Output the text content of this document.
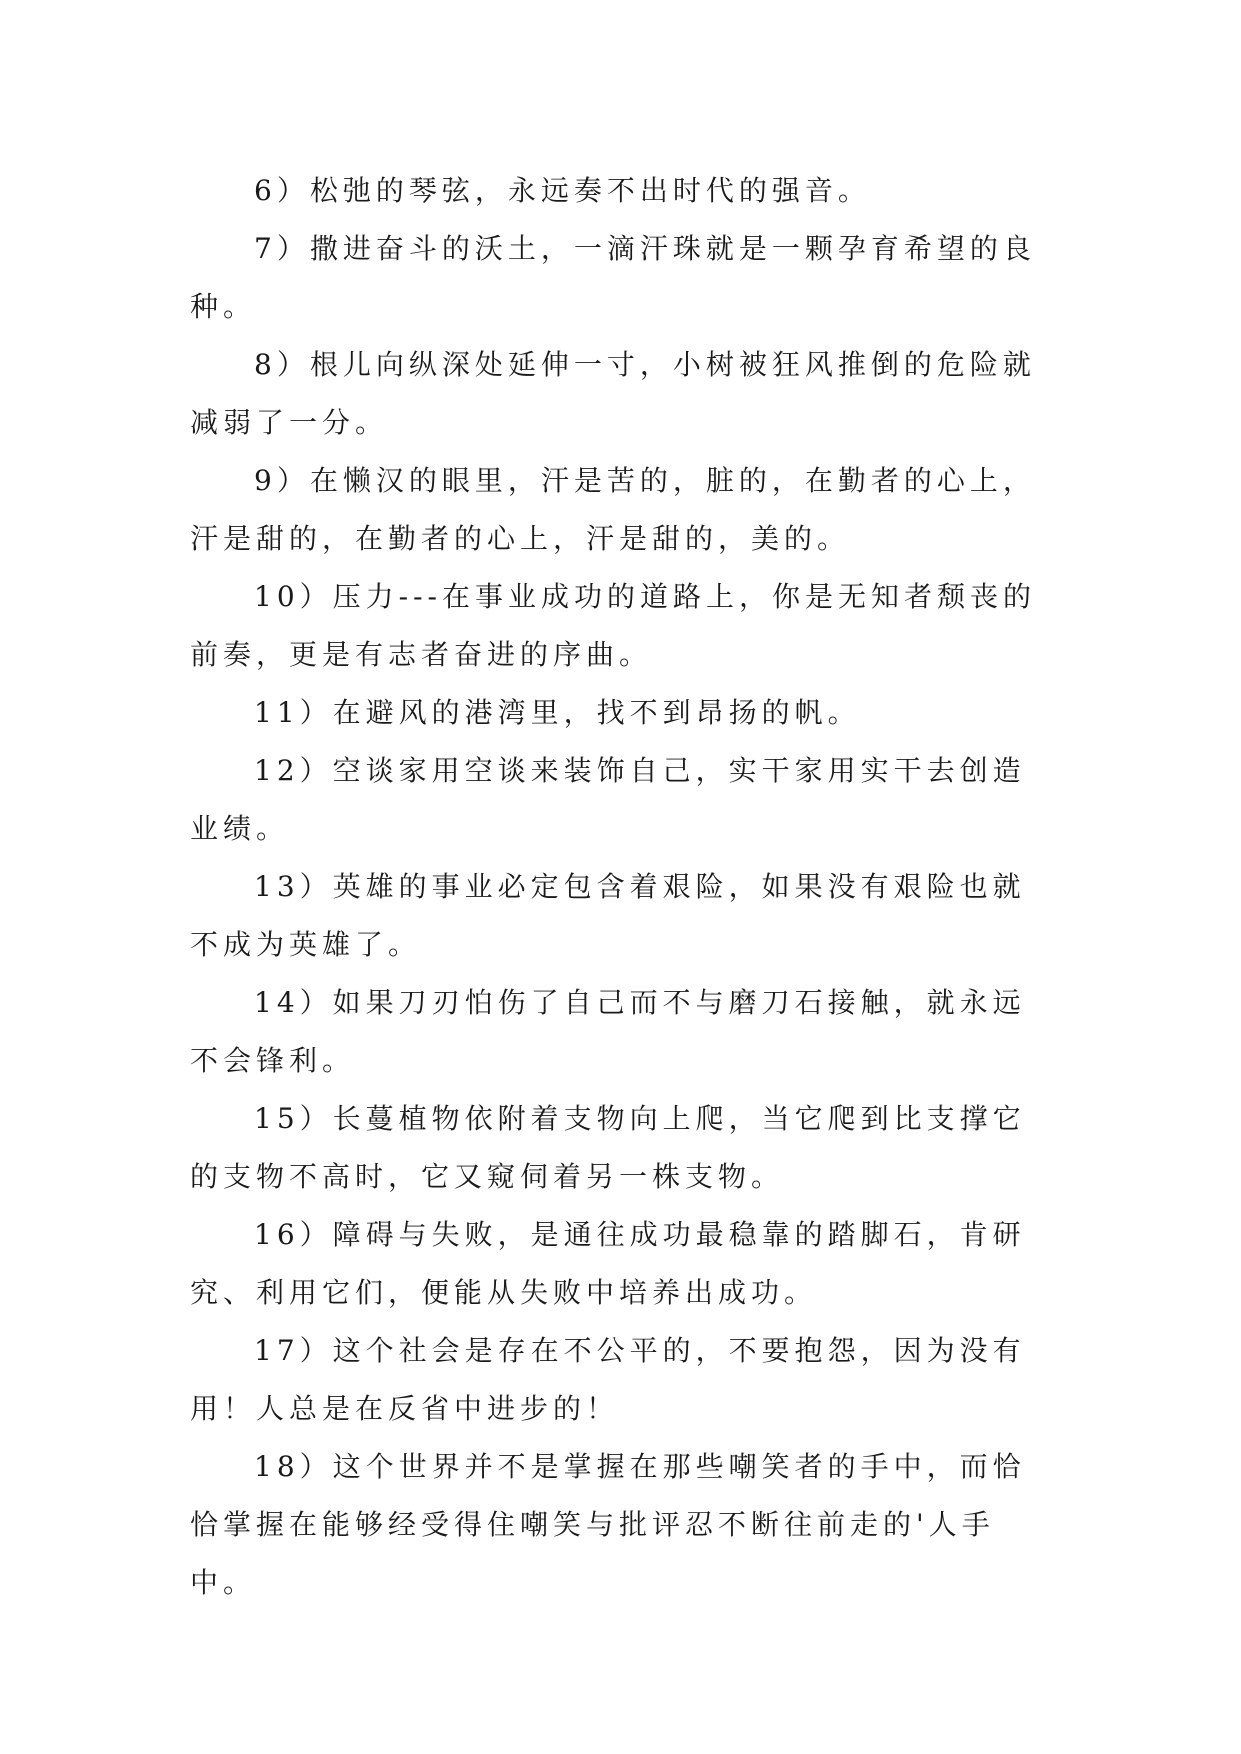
6）松弛的琴弦，永远奏不出时代的强音。

7）撒进奋斗的沃土，一滴汗珠就是一颗孕育希望的良种。

8）根儿向纵深处延伸一寸，小树被狂风推倒的危险就减弱了一分。

9）在懒汉的眼里，汗是苦的，脏的，在勤者的心上，汗是甜的，在勤者的心上，汗是甜的，美的。

10）压力---在事业成功的道路上，你是无知者颓丧的前奏，更是有志者奋进的序曲。

11）在避风的港湾里，找不到昂扬的帆。

12）空谈家用空谈来装饰自己，实干家用实干去创造业绩。

13）英雄的事业必定包含着艰险，如果没有艰险也就不成为英雄了。

14）如果刀刃怕伤了自己而不与磨刀石接触，就永远不会锋利。

15）长蔓植物依附着支物向上爬，当它爬到比支撑它的支物不高时，它又窥伺着另一株支物。

16）障碍与失败，是通往成功最稳靠的踏脚石，肯研究、利用它们，便能从失败中培养出成功。

17）这个社会是存在不公平的，不要抱怨，因为没有用！人总是在反省中进步的！

18）这个世界并不是掌握在那些嘲笑者的手中，而恰恰掌握在能够经受得住嘲笑与批评忍不断往前走的'人手中。
